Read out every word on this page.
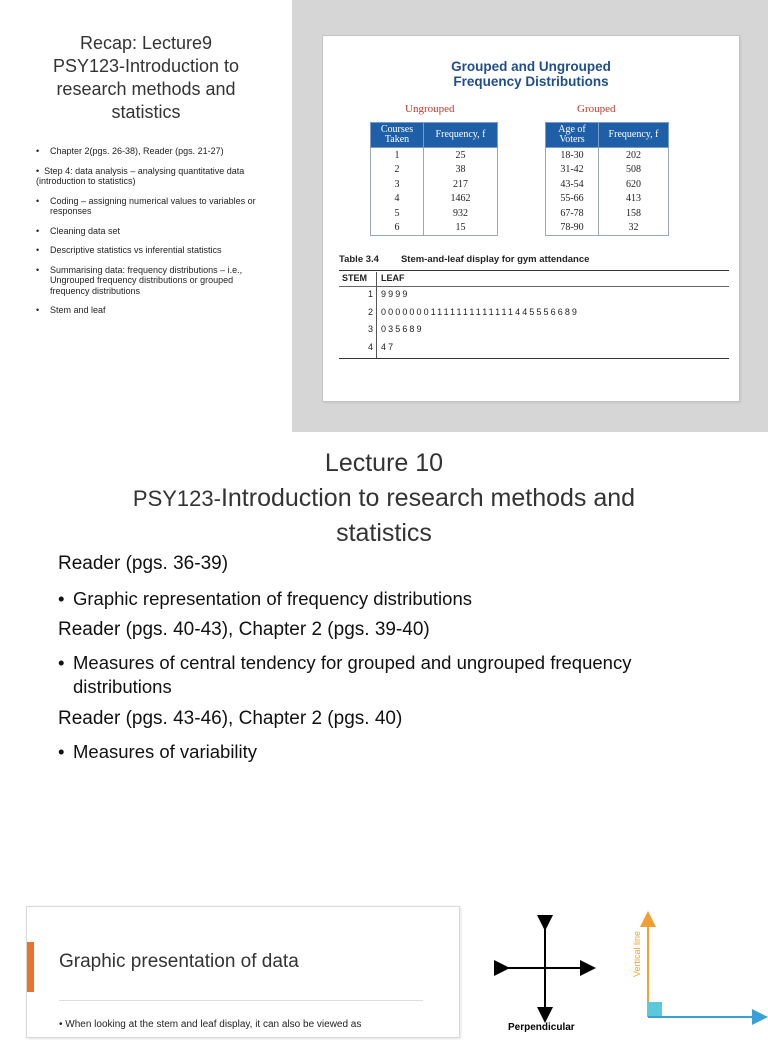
Recap: Lecture9
PSY123-Introduction to
research methods and
statistics
• Chapter 2(pgs. 26-38), Reader (pgs. 21-27)
• Step 4: data analysis – analysing quantitative data (introduction to statistics)
• Coding – assigning numerical values to variables or responses
• Cleaning data set
• Descriptive statistics vs inferential statistics
• Summarising data: frequency distributions – i.e., Ungrouped frequency distributions or grouped frequency distributions
• Stem and leaf
Grouped and Ungrouped
Frequency Distributions
Ungrouped
Courses Taken	Frequency, f
1	25
2	38
3	217
4	1462
5	932
6	15
Grouped
Age of Voters	Frequency, f
18-30	202
31-42	508
43-54	620
55-66	413
67-78	158
78-90	32
Table 3.4 Stem-and-leaf display for gym attendance
STEM LEAF
1 9999
2 00000001111111111111445556689
3 035689
4 47
Lecture 10
PSY123-Introduction to research methods and
statistics
Reader (pgs. 36-39)
• Graphic representation of frequency distributions
Reader (pgs. 40-43), Chapter 2 (pgs. 39-40)
• Measures of central tendency for grouped and ungrouped frequency
distributions
Reader (pgs. 43-46), Chapter 2 (pgs. 40)
• Measures of variability
Graphic presentation of data
• When looking at the stem and leaf display, it can also be viewed as	Perpendicular
Vertical line
